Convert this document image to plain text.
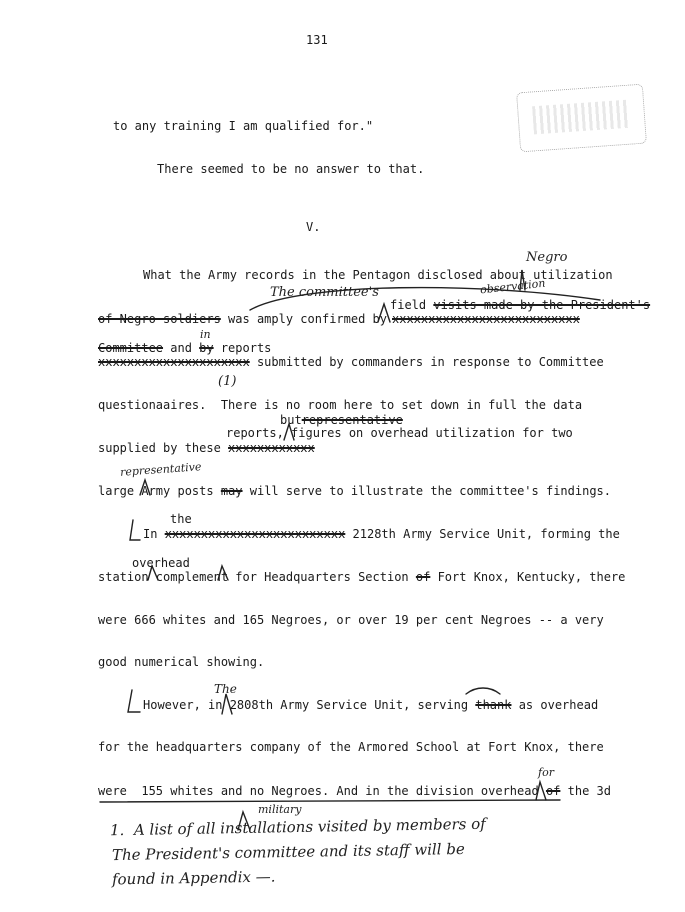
131
to any training I am qualified for."
There seemed to be no answer to that.
V.
Negro
What the Army records in the Pentagon disclosed about utilization
The committee's	observation
field visits made by the President's
of Negro soldiers was amply confirmed by xxxxxxxxxxxxxxxxxxxxxxxxxx
in
Committee and by reports
xxxxxxxxxxxxxxxxxxxxx submitted by commanders in response to Committee
(1)
questionaaires.  There is no room here to set down in full the data
butrepresentative
reports, figures on overhead utilization for two
supplied by these xxxxxxxxxxxx
representative
large Army posts may will serve to illustrate the committee's findings.
the
In xxxxxxxxxxxxxxxxxxxxxxxxx 2128th Army Service Unit, forming the
overhead
station complement for Headquarters Section of Fort Knox, Kentucky, there
were 666 whites and 165 Negroes, or over 19 per cent Negroes -- a very
good numerical showing.
The
However, in 2808th Army Service Unit, serving thank as overhead
for the headquarters company of the Armored School at Fort Knox, there
for
were  155 whites and no Negroes. And in the division overhead of the 3d
military
1.  A list of all installations visited by members of
The President's committee and its staff will be
found in Appendix —.
